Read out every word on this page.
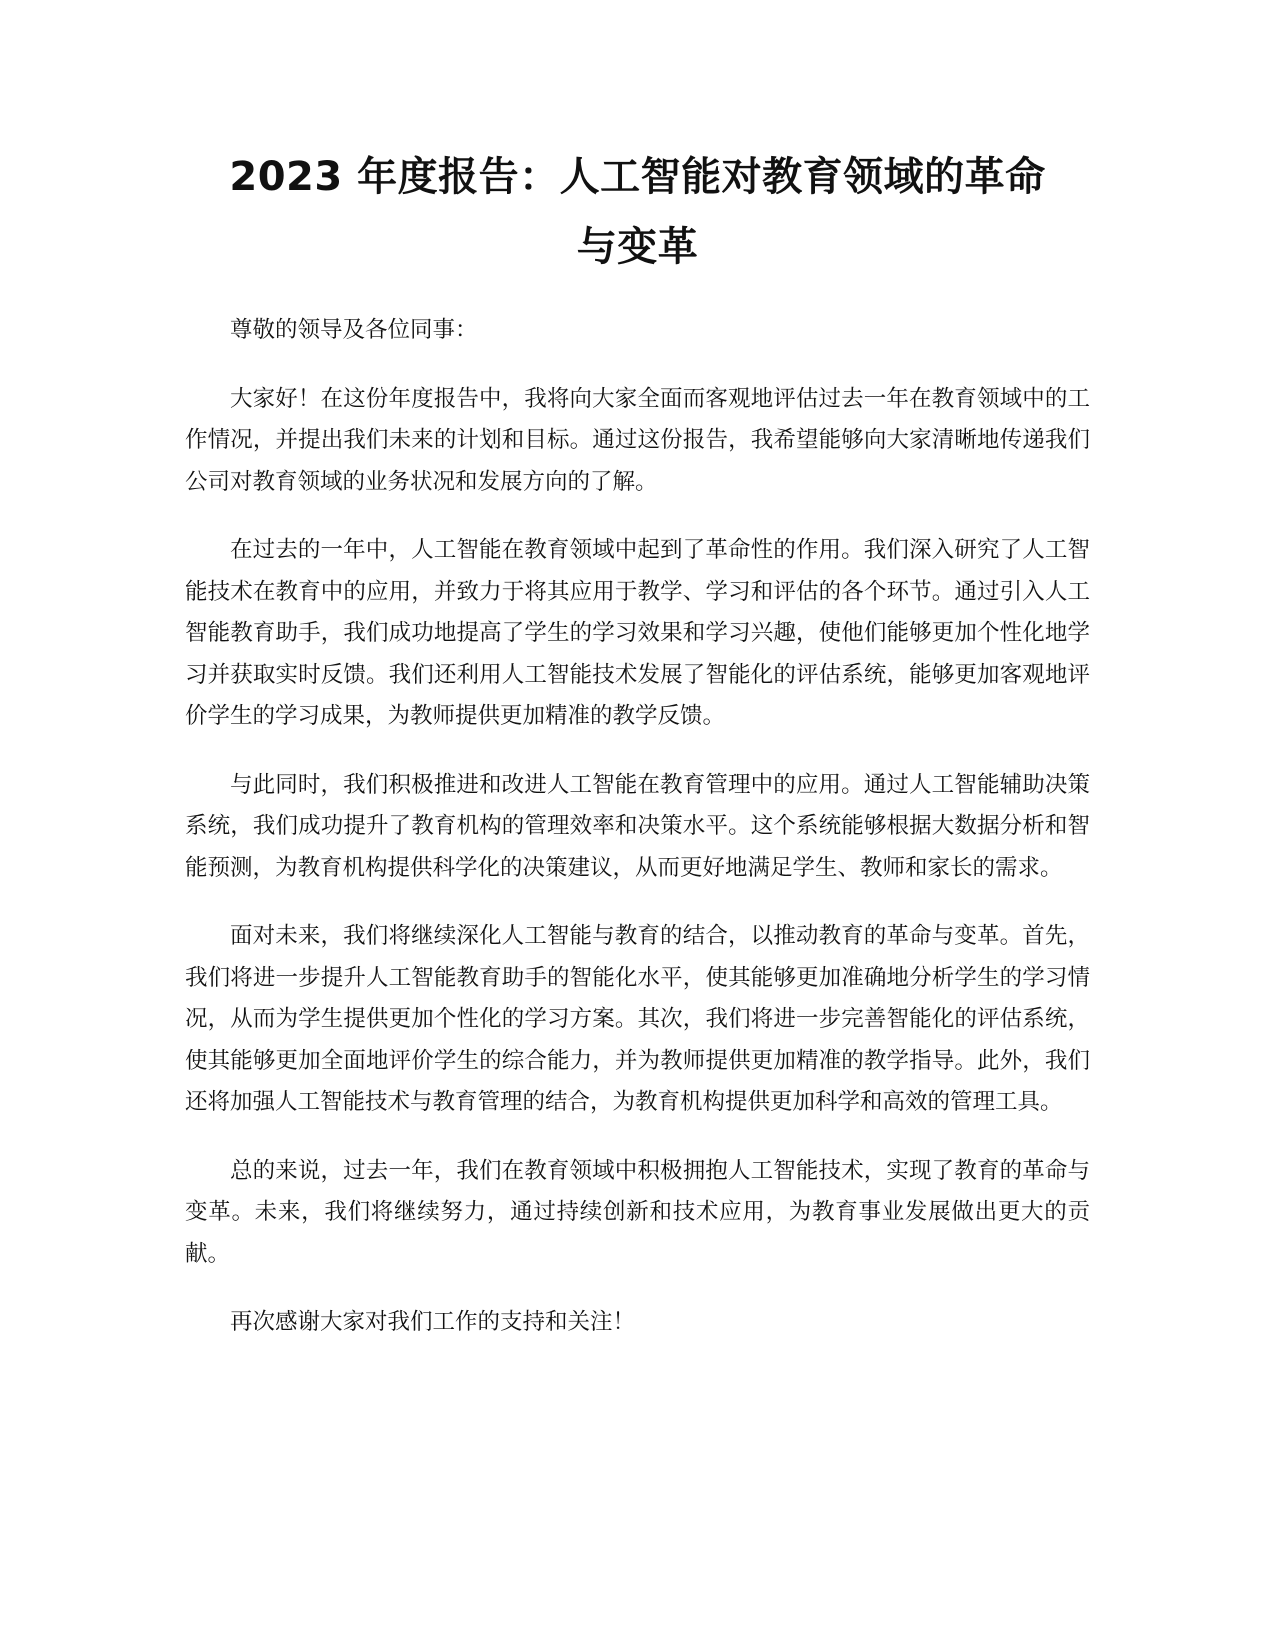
2023 年度报告：人工智能对教育领域的革命
与变革

尊敬的领导及各位同事：

大家好！在这份年度报告中，我将向大家全面而客观地评估过去一年在教育领域中的工作情况，并提出我们未来的计划和目标。通过这份报告，我希望能够向大家清晰地传递我们公司对教育领域的业务状况和发展方向的了解。

在过去的一年中，人工智能在教育领域中起到了革命性的作用。我们深入研究了人工智能技术在教育中的应用，并致力于将其应用于教学、学习和评估的各个环节。通过引入人工智能教育助手，我们成功地提高了学生的学习效果和学习兴趣，使他们能够更加个性化地学习并获取实时反馈。我们还利用人工智能技术发展了智能化的评估系统，能够更加客观地评价学生的学习成果，为教师提供更加精准的教学反馈。

与此同时，我们积极推进和改进人工智能在教育管理中的应用。通过人工智能辅助决策系统，我们成功提升了教育机构的管理效率和决策水平。这个系统能够根据大数据分析和智能预测，为教育机构提供科学化的决策建议，从而更好地满足学生、教师和家长的需求。

面对未来，我们将继续深化人工智能与教育的结合，以推动教育的革命与变革。首先，我们将进一步提升人工智能教育助手的智能化水平，使其能够更加准确地分析学生的学习情况，从而为学生提供更加个性化的学习方案。其次，我们将进一步完善智能化的评估系统，使其能够更加全面地评价学生的综合能力，并为教师提供更加精准的教学指导。此外，我们还将加强人工智能技术与教育管理的结合，为教育机构提供更加科学和高效的管理工具。

总的来说，过去一年，我们在教育领域中积极拥抱人工智能技术，实现了教育的革命与变革。未来，我们将继续努力，通过持续创新和技术应用，为教育事业发展做出更大的贡献。

再次感谢大家对我们工作的支持和关注！
